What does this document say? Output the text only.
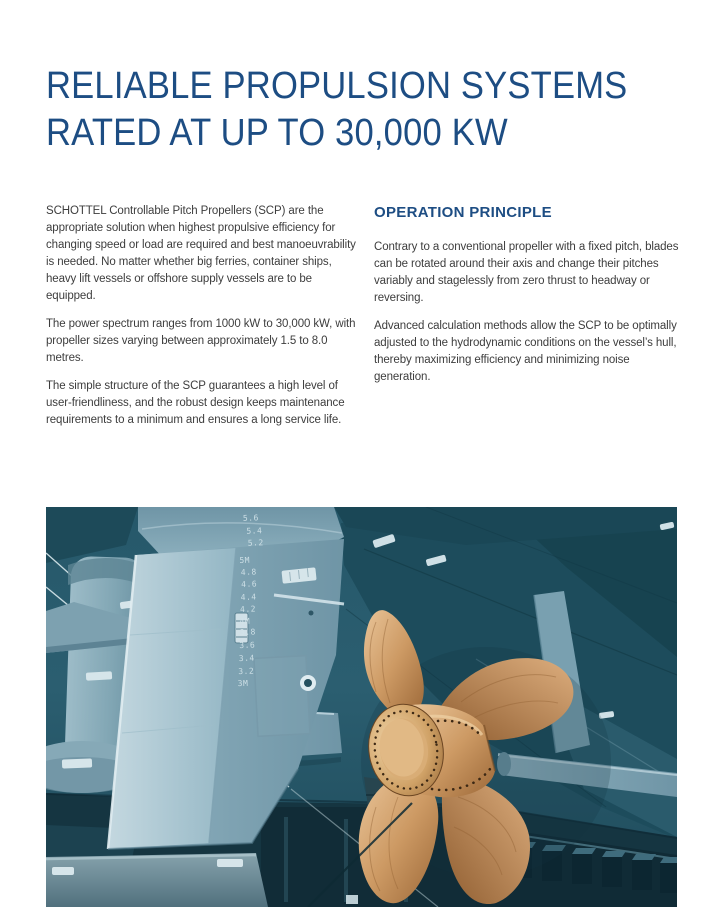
RELIABLE PROPULSION SYSTEMS
RATED AT UP TO 30,000 KW

SCHOTTEL Controllable Pitch Propellers (SCP) are the appropriate solution when highest propulsive efficiency for changing speed or load are required and best manoeuvrability is needed. No matter whether big ferries, container ships, heavy lift vessels or offshore supply vessels are to be equipped.

The power spectrum ranges from 1000 kW to 30,000 kW, with propeller sizes varying between approximately 1.5 to 8.0 metres.

The simple structure of the SCP guarantees a high level of user-friendliness, and the robust design keeps maintenance requirements to a minimum and ensures a long service life.

OPERATION PRINCIPLE

Contrary to a conventional propeller with a fixed pitch, blades can be rotated around their axis and change their pitches variably and stagelessly from zero thrust to headway or reversing.

Advanced calculation methods allow the SCP to be optimally adjusted to the hydrodynamic conditions on the vessel’s hull, thereby maximizing efficiency and minimizing noise generation.

5.6
5.4
5.2
5M
4.8
4.6
4.4
4.2
4M
3.8
3.6
3.4
3.2
3M
